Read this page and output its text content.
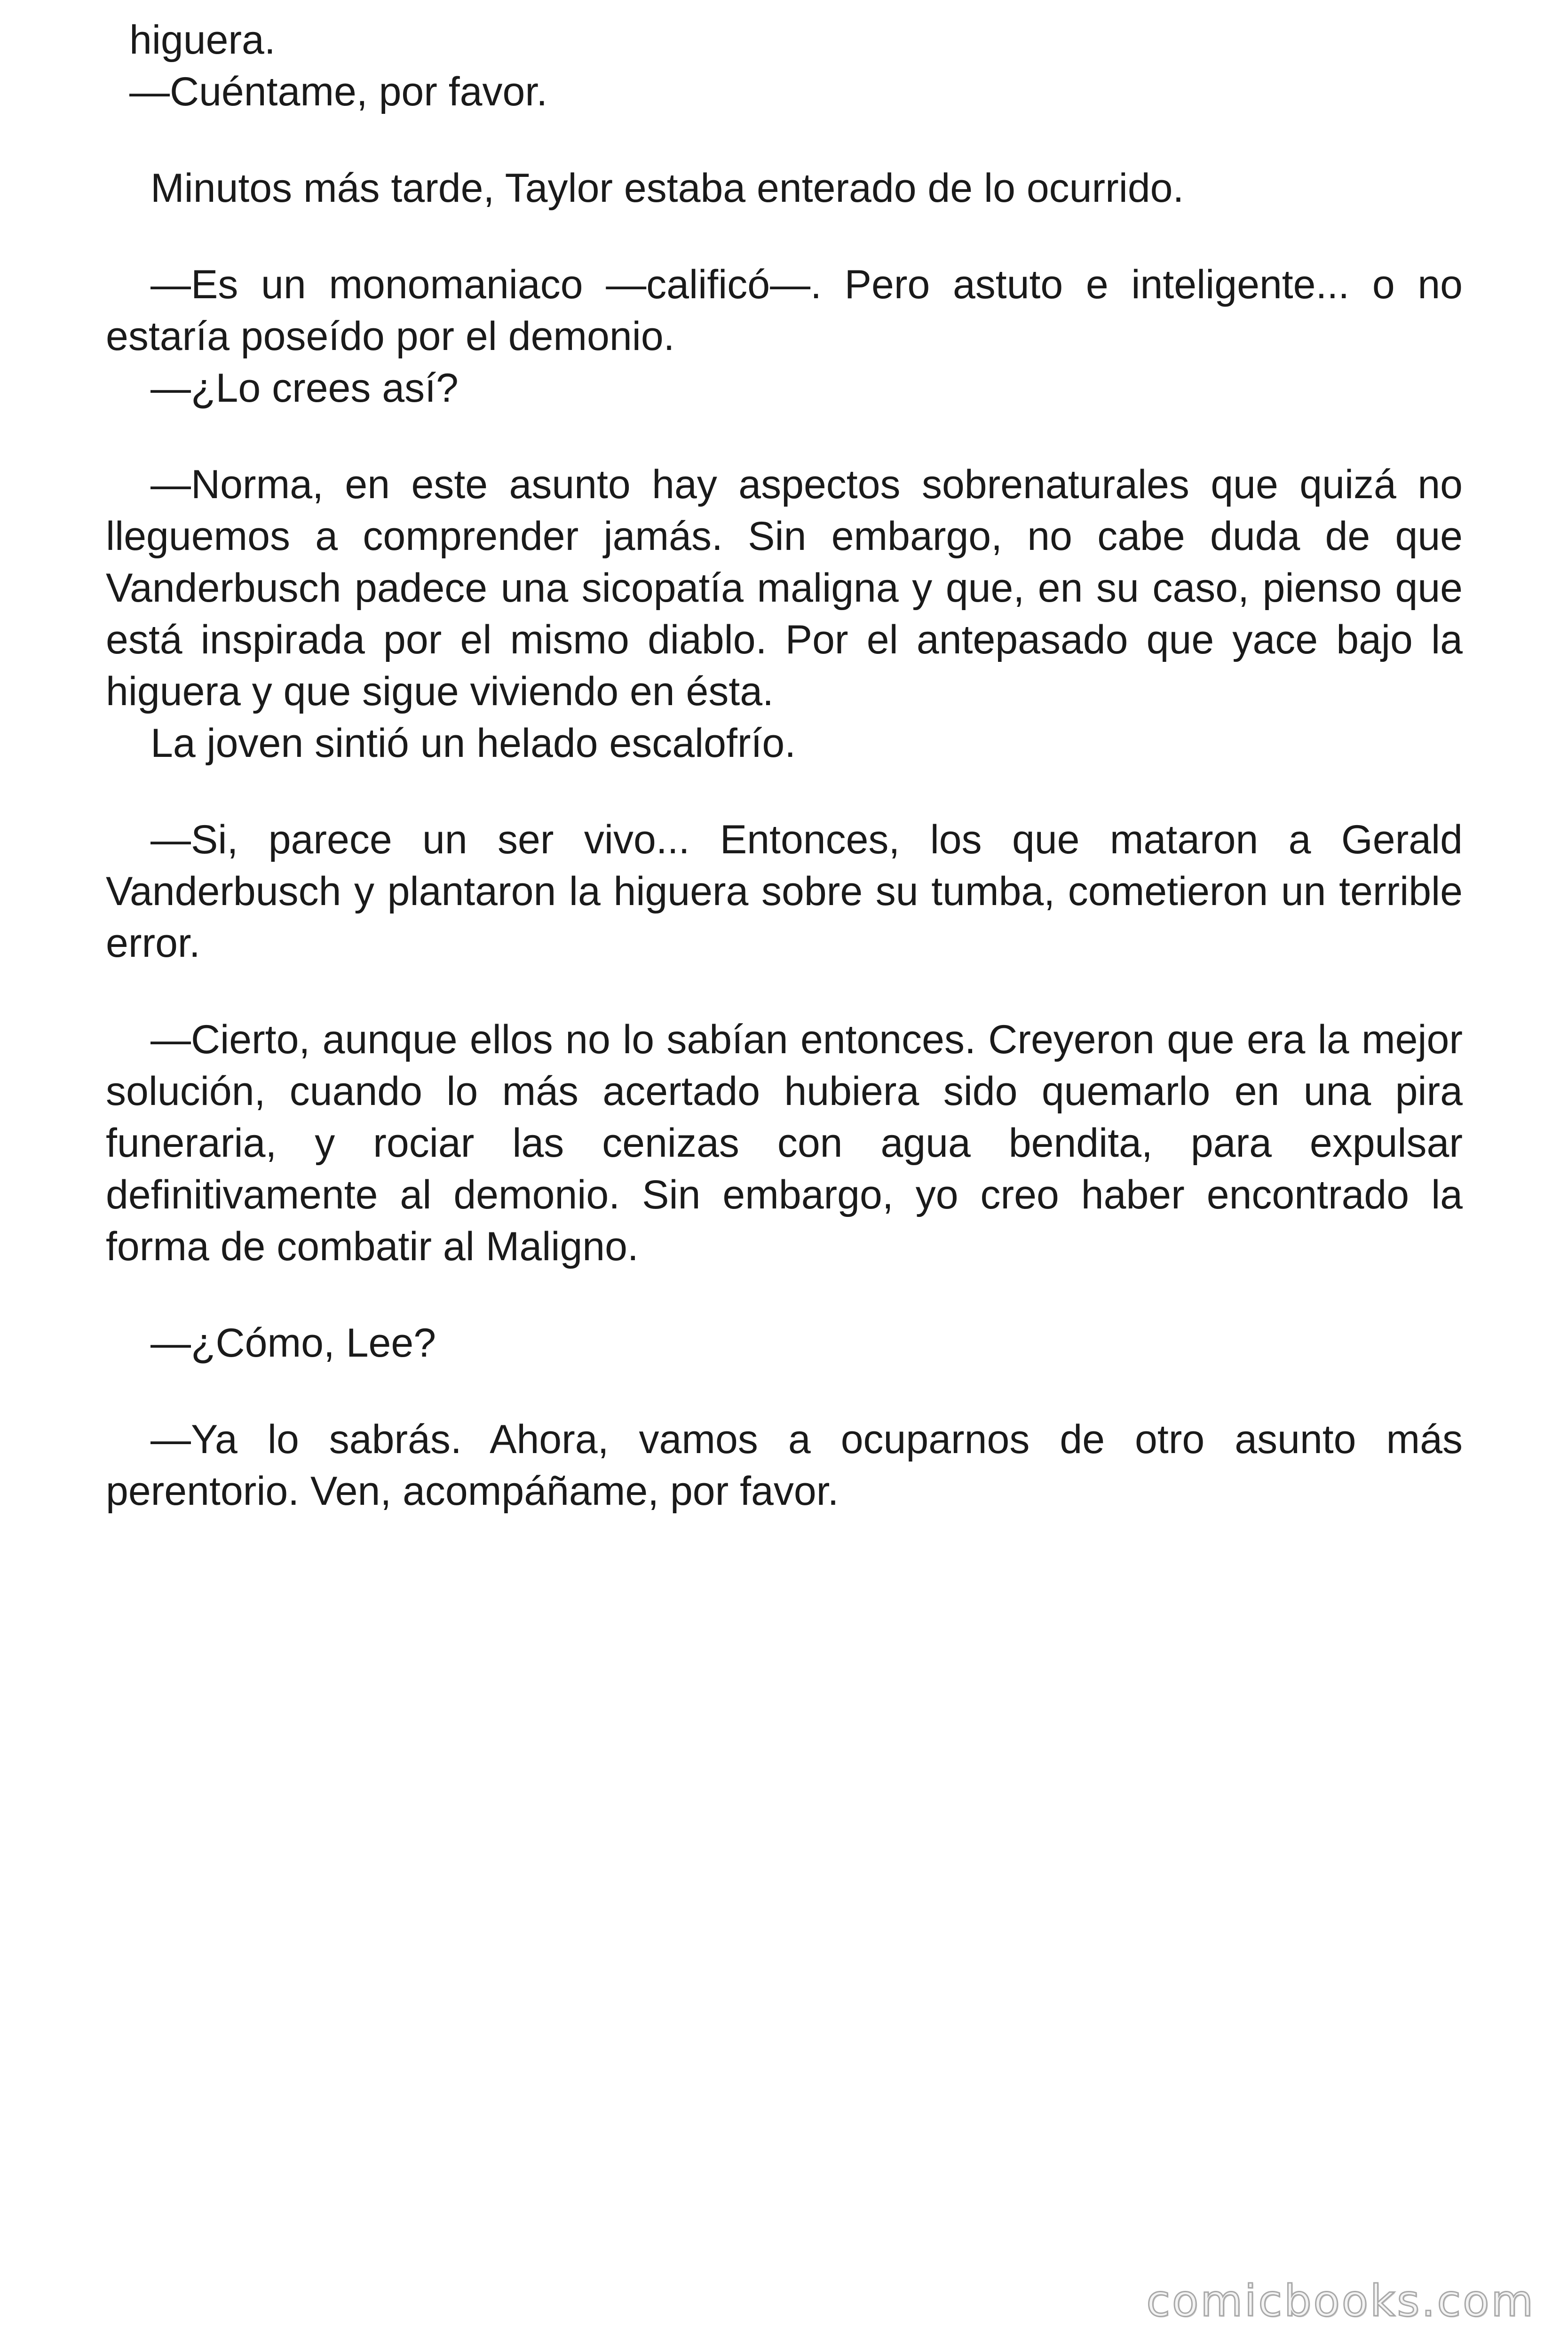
higuera.

—Cuéntame, por favor.

Minutos más tarde, Taylor estaba enterado de lo ocurrido.

—Es un monomaniaco —calificó—. Pero astuto e inteligente... o no estaría poseído por el demonio.

—¿Lo crees así?

—Norma, en este asunto hay aspectos sobrenaturales que quizá no lleguemos a comprender jamás. Sin embargo, no cabe duda de que Vanderbusch padece una sicopatía maligna y que, en su caso, pienso que está inspirada por el mismo diablo. Por el antepasado que yace bajo la higuera y que sigue viviendo en ésta.

La joven sintió un helado escalofrío.

—Si, parece un ser vivo... Entonces, los que mataron a Gerald Vanderbusch y plantaron la higuera sobre su tumba, cometieron un terrible error.

—Cierto, aunque ellos no lo sabían entonces. Creyeron que era la mejor solución, cuando lo más acertado hubiera sido quemarlo en una pira funeraria, y rociar las cenizas con agua bendita, para expulsar definitivamente al demonio. Sin embargo, yo creo haber encontrado la forma de combatir al Maligno.

—¿Cómo, Lee?

—Ya lo sabrás. Ahora, vamos a ocuparnos de otro asunto más perentorio. Ven, acompáñame, por favor.

comicbooks.com
